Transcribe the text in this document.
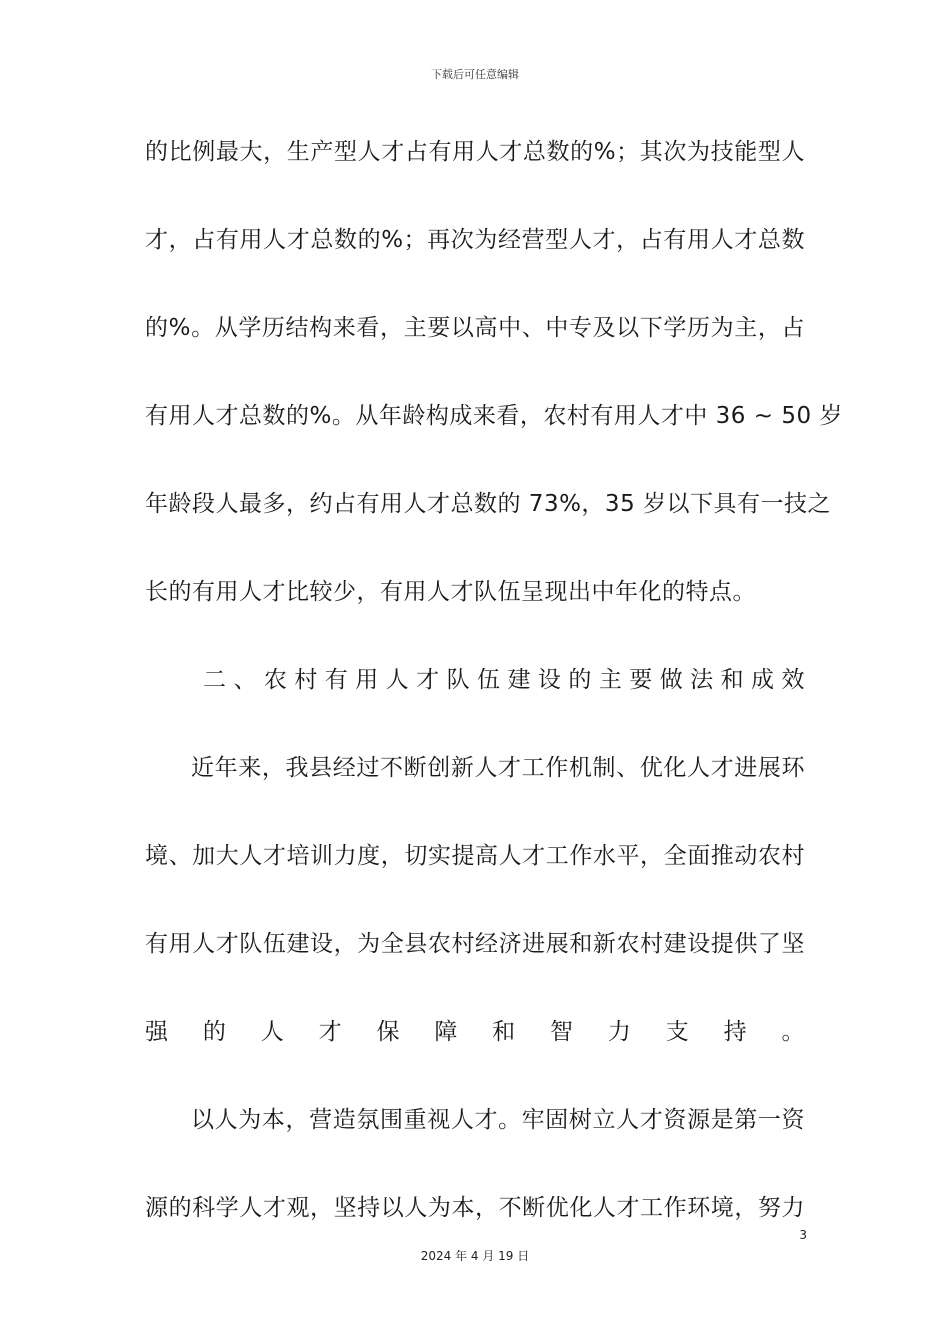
下载后可任意编辑
的比例最大，生产型人才占有用人才总数的%；其次为技能型人
才，占有用人才总数的%；再次为经营型人才，占有用人才总数
的%。从学历结构来看，主要以高中、中专及以下学历为主，占
有用人才总数的%。从年龄构成来看，农村有用人才中 36 ~ 50 岁
年龄段人最多，约占有用人才总数的 73%，35 岁以下具有一技之
长的有用人才比较少，有用人才队伍呈现出中年化的特点。
二、农村有用人才队伍建设的主要做法和成效
近年来，我县经过不断创新人才工作机制、优化人才进展环
境、加大人才培训力度，切实提高人才工作水平，全面推动农村
有用人才队伍建设，为全县农村经济进展和新农村建设提供了坚
强的人才保障和智力支持。
以人为本，营造氛围重视人才。牢固树立人才资源是第一资
源的科学人才观，坚持以人为本，不断优化人才工作环境，努力
3
2024 年 4 月 19 日
